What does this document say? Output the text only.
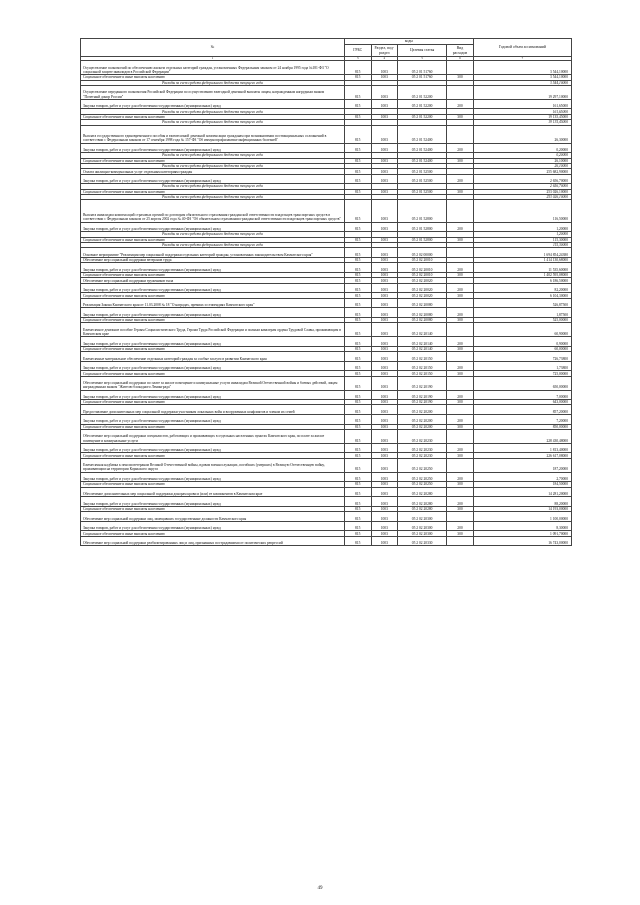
№	коды				Годовой объем ассигнований
	ГРБС	Раздел, под-раздел	Целевая статья	Вид расходов	
1	3	4	5	6	7
Осуществление полномочий по обеспечению жильем отдельных категорий граждан, установленных Федеральным законом от 24 ноября 1995 года №181-ФЗ "О социальной защите инвалидов в Российской Федерации"	815	1003	05 2 01 51760		3 544,10000
Социальное обеспечение и иные выплаты населению	815	1003	05 2 01 51760	300	3 544,10000
Расходы за счет средств федерального бюджета текущего года					3 544,10000
Осуществление переданного полномочия Российской Федерации по осуществлению ежегодной денежной выплаты лицам, награжденным нагрудным знаком "Почетный донор России"	815	1003	05 2 01 52200		19 297,10000
Закупка товаров, работ и услуг для обеспечения государственных (муниципальных) нужд	815	1003	05 2 01 52200	200	161,65000
Расходы за счет средств федерального бюджета текущего года					161,65000
Социальное обеспечение и иные выплаты населению	815	1003	05 2 01 52200	300	19 135,45000
Расходы за счет средств федерального бюджета текущего года					19 135,45000
Выплата государственного единовременного пособия и ежемесячной денежной компенсации гражданам при возникновении поствакцинальных осложнений в соответствии с Федеральным законом от 17 сентября 1998 года № 157-ФЗ "Об иммунопрофилактике инфекционных болезней"	815	1003	05 2 01 52400		26,30000
Закупка товаров, работ и услуг для обеспечения государственных (муниципальных) нужд	815	1003	05 2 01 52400	200	0,20000
Расходы за счет средств федерального бюджета текущего года					0,20000
Социальное обеспечение и иные выплаты населению	815	1003	05 2 01 52400	300	26,10000
Расходы за счет средств федерального бюджета текущего года					26,10000
Оплата жилищно-коммунальных услуг отдельным категориям граждан	815	1003	05 2 01 52500		255 682,90000
Закупка товаров, работ и услуг для обеспечения государственных (муниципальных) нужд	815	1003	05 2 01 52500	200	2 656,70000
Расходы за счет средств федерального бюджета текущего года					2 656,70000
Социальное обеспечение и иные выплаты населению	815	1003	05 2 01 52500	300	253 026,10000
Расходы за счет средств федерального бюджета текущего года					253 026,10000
Выплата инвалидам компенсаций страховых премий по договорам обязательного страхования гражданской ответственности владельцев транспортных средств в соответствии с Федеральным законом от 25 апреля 2002 года № 40-ФЗ "Об обязательном страховании гражданской ответственности владельцев транспортных средств"	815	1003	05 2 01 52800		116,50000
Закупка товаров, работ и услуг для обеспечения государственных (муниципальных) нужд	815	1003	05 2 01 52800	200	1,20000
Расходы за счет средств федерального бюджета текущего года					1,20000
Социальное обеспечение и иные выплаты населению	815	1003	05 2 01 52800	300	115,30000
Расходы за счет средств федерального бюджета текущего года					115,30000
Основное мероприятие "Реализация мер социальной поддержки отдельных категорий граждан, установленных законодательством Камчатского края"	815	1003	05 2 02 00000		1 694 854,24380
Обеспечение мер социальной поддержки ветеранов труда	815	1003	05 2 02 20010		1 414 130,68000
Закупка товаров, работ и услуг для обеспечения государственных (муниципальных) нужд	815	1003	05 2 02 20010	200	11 535,60000
Социальное обеспечение и иные выплаты населению	815	1003	05 2 02 20010	300	1 402 595,08000
Обеспечение мер социальной поддержки тружеников тыла	815	1003	05 2 02 20020		6 186,50000
Закупка товаров, работ и услуг для обеспечения государственных (муниципальных) нужд	815	1003	05 2 02 20020	200	82,20000
Социальное обеспечение и иные выплаты населению	815	1003	05 2 02 20020	300	6 104,30000
Реализация Закона Камчатского края от 11.03.2008 № 18 "О наградах, премиях и стипендиях Камчатского края"	815	1003	05 2 02 20080		526,87500
Закупка товаров, работ и услуг для обеспечения государственных (муниципальных) нужд	815	1003	05 2 02 20080	200	1,87500
Социальное обеспечение и иные выплаты населению	815	1003	05 2 02 20080	300	525,00000
Ежемесячное денежное пособие Героям Социалистического Труда, Героям Труда Российской Федерации и полным кавалерам ордена Трудовой Славы, проживающим в Камчатском крае	815	1003	05 2 02 20140		60,90000
Закупка товаров, работ и услуг для обеспечения государственных (муниципальных) нужд	815	1003	05 2 02 20140	200	0,90000
Социальное обеспечение и иные выплаты населению	815	1003	05 2 02 20140	300	60,00000
Ежемесячные материальное обеспечение отдельных категорий граждан за особые заслуги в развитии Камчатского края	815	1003	05 2 02 20150		726,73800
Закупка товаров, работ и услуг для обеспечения государственных (муниципальных) нужд	815	1003	05 2 02 20150	200	1,73800
Социальное обеспечение и иные выплаты населению	815	1003	05 2 02 20150	300	725,00000
Обеспечение мер социальной поддержки по плате за жилое помещение и коммунальные услуги инвалидам Великой Отечественной войны и боевых действий, лицам награжденным знаком "Жителю блокадного Ленинграда"	815	1003	05 2 02 20190		650,00000
Закупка товаров, работ и услуг для обеспечения государственных (муниципальных) нужд	815	1003	05 2 02 20190	200	7,00000
Социальное обеспечение и иные выплаты населению	815	1003	05 2 02 20190	300	643,00000
Предоставление дополнительных мер социальной поддержки участникам локальных войн и вооруженных конфликтов и членам их семей	815	1003	05 2 02 20200		857,20000
Закупка товаров, работ и услуг для обеспечения государственных (муниципальных) нужд	815	1003	05 2 02 20200	200	7,20000
Социальное обеспечение и иные выплаты населению	815	1003	05 2 02 20200	300	850,00000
Обеспечение мер социальной поддержки специалистов, работающих и проживающих в отдельных населенных пунктах Камчатского края, по плате за жилое помещение и коммунальные услуги	815	1003	05 2 02 20230		228 430,48000
Закупка товаров, работ и услуг для обеспечения государственных (муниципальных) нужд	815	1003	05 2 02 20230	200	1 813,40000
Социальное обеспечение и иные выплаты населению	815	1003	05 2 02 20230	300	226 617,08000
Ежемесячная надбавка к пенсии ветеранам Великой Отечественной войны, вдовам военнослужащих, погибших (умерших) в Великую Отечественную войну, проживающим на территории Корякского округа	815	1003	05 2 02 20250		187,20000
Закупка товаров, работ и услуг для обеспечения государственных (муниципальных) нужд	815	1003	05 2 02 20250	200	2,70000
Социальное обеспечение и иные выплаты населению	815	1003	05 2 02 20250	300	184,50000
Обеспечение дополнительных мер социальной поддержки донорам крови и (или) ее компонентов в Камчатском крае	815	1003	05 2 02 20280		14 281,20000
Закупка товаров, работ и услуг для обеспечения государственных (муниципальных) нужд	815	1003	05 2 02 20280	200	88,20000
Социальное обеспечение и иные выплаты населению	815	1003	05 2 02 20280	300	14 193,00000
Обеспечение мер социальной поддержки лиц, замещавших государственные должности Камчатского края	815	1003	05 2 02 20300		1 100,00000
Закупка товаров, работ и услуг для обеспечения государственных (муниципальных) нужд	815	1003	05 2 02 20300	200	8,30000
Социальное обеспечение и иные выплаты населению	815	1003	05 2 02 20300	300	1 091,70000
Обеспечение мер социальной поддержки реабилитированных лиц и лиц, признанных пострадавшими от политических репрессий	815	1003	05 2 02 20330		16 743,00000
49
